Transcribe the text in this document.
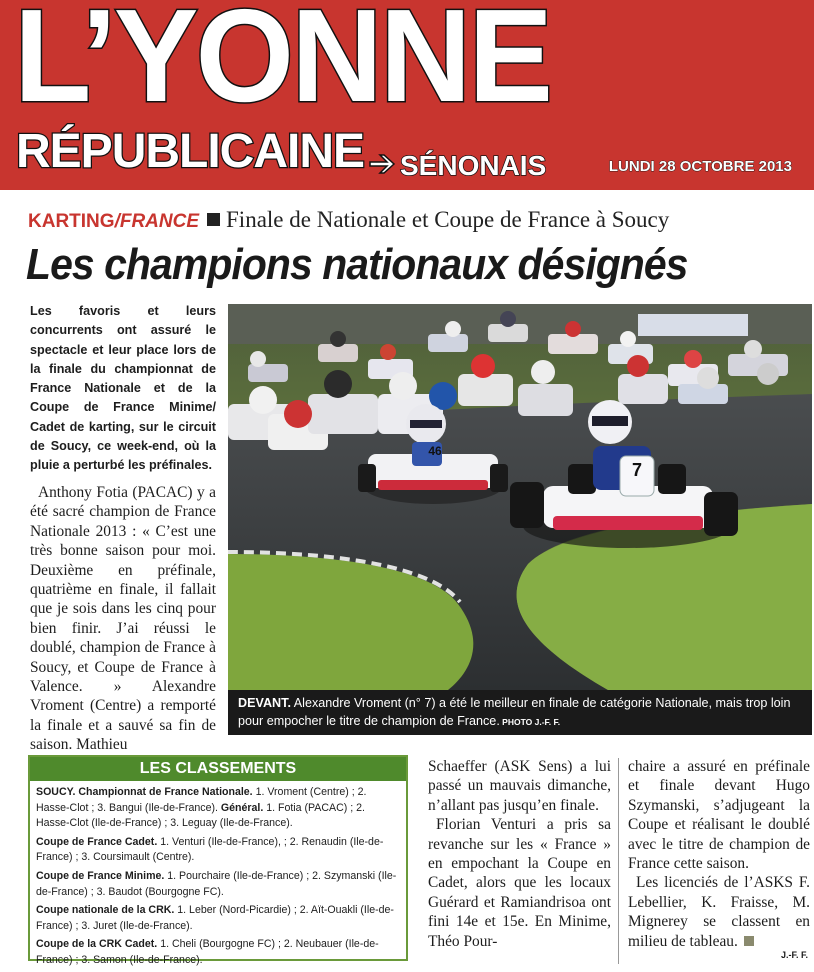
L’YONNE
RÉPUBLICAINE SÉNONAIS	LUNDI 28 OCTOBRE 2013
KARTING/FRANCE Finale de Nationale et Coupe de France à Soucy
Les champions nationaux désignés
Les favoris et leurs concurrents ont assuré le spectacle et leur place lors de la finale du championnat de France Nationale et de la Coupe de France Minime/ Cadet de karting, sur le circuit de Soucy, ce week-end, où la pluie a perturbé les préfinales.

Anthony Fotia (PACAC) y a été sacré champion de France Nationale 2013 : « C’est une très bonne saison pour moi. Deuxième en préfinale, quatrième en finale, il fallait que je sois dans les cinq pour bien finir. J’ai réussi le doublé, champion de France à Soucy, et Coupe de France à Valence. » Alexandre Vroment (Centre) a remporté la finale et a sauvé sa fin de saison. Mathieu

46
7
DEVANT. Alexandre Vroment (n° 7) a été le meilleur en finale de catégorie Nationale, mais trop loin pour empocher le titre de champion de France. PHOTO J.-F. F.
LES CLASSEMENTS
SOUCY. Championnat de France Nationale. 1. Vroment (Centre) ; 2. Hasse-Clot ; 3. Bangui (Ile-de-France). Général. 1. Fotia (PACAC) ; 2. Hasse-Clot (Ile-de-France) ; 3. Leguay (Ile-de-France).
Coupe de France Cadet. 1. Venturi (Ile-de-France), ; 2. Renaudin (Ile-de-France) ; 3. Coursimault (Centre).
Coupe de France Minime. 1. Pourchaire (Ile-de-France) ; 2. Szymanski (Ile-de-France) ; 3. Baudot (Bourgogne FC).
Coupe nationale de la CRK. 1. Leber (Nord-Picardie) ; 2. Aït-Ouakli (Ile-de-France) ; 3. Juret (Ile-de-France).
Coupe de la CRK Cadet. 1. Cheli (Bourgogne FC) ; 2. Neubauer (Ile-de-France) ; 3. Samon (Ile-de-France).

Schaeffer (ASK Sens) a lui passé un mauvais dimanche, n’allant pas jusqu’en finale.

Florian Venturi a pris sa revanche sur les « France » en empochant la Coupe en Cadet, alors que les locaux Guérard et Ramiandrisoa ont fini 14e et 15e. En Minime, Théo Pour-

chaire a assuré en préfinale et finale devant Hugo Szymanski, s’adjugeant la Coupe et réalisant le doublé avec le titre de champion de France cette saison.

Les licenciés de l’ASKS F. Lebellier, K. Fraisse, M. Mignerey se classent en milieu de tableau.

J.-F. F.
